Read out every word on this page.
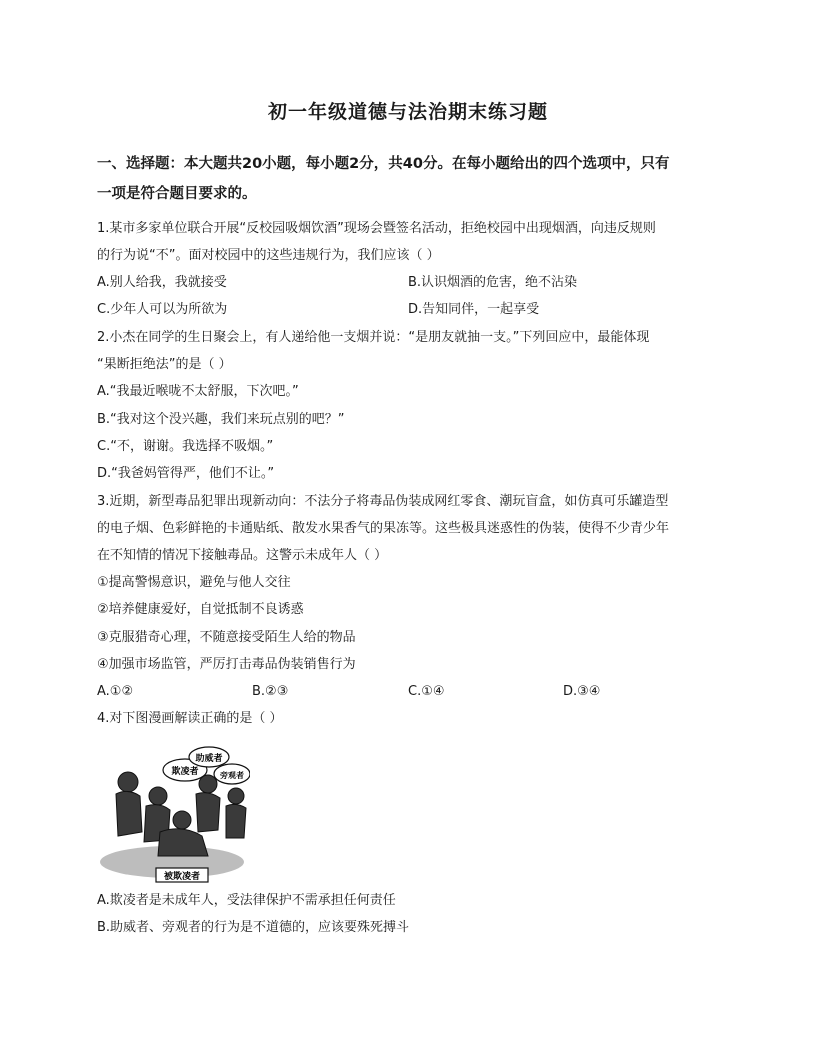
初一年级道德与法治期末练习题
一、选择题：本大题共20小题，每小题2分，共40分。在每小题给出的四个选项中，只有
一项是符合题目要求的。
1.某市多家单位联合开展“反校园吸烟饮酒”现场会暨签名活动，拒绝校园中出现烟酒，向违反规则
的行为说“不”。面对校园中的这些违规行为，我们应该（ ）
A.别人给我，我就接受	B.认识烟酒的危害，绝不沾染
C.少年人可以为所欲为	D.告知同伴，一起享受
2.小杰在同学的生日聚会上，有人递给他一支烟并说：“是朋友就抽一支。”下列回应中，最能体现
“果断拒绝法”的是（ ）
A.“我最近喉咙不太舒服，下次吧。”
B.“我对这个没兴趣，我们来玩点别的吧？”
C.“不，谢谢。我选择不吸烟。”
D.“我爸妈管得严，他们不让。”
3.近期，新型毒品犯罪出现新动向：不法分子将毒品伪装成网红零食、潮玩盲盒，如仿真可乐罐造型
的电子烟、色彩鲜艳的卡通贴纸、散发水果香气的果冻等。这些极具迷惑性的伪装，使得不少青少年
在不知情的情况下接触毒品。这警示未成年人（ ）
①提高警惕意识，避免与他人交往
②培养健康爱好，自觉抵制不良诱惑
③克服猎奇心理，不随意接受陌生人给的物品
④加强市场监管，严厉打击毒品伪装销售行为
A.①②	B.②③	C.①④	D.③④
4.对下图漫画解读正确的是（ ）
欺凌者
助威者
旁观者
被欺凌者
A.欺凌者是未成年人，受法律保护不需承担任何责任
B.助威者、旁观者的行为是不道德的，应该要殊死搏斗
